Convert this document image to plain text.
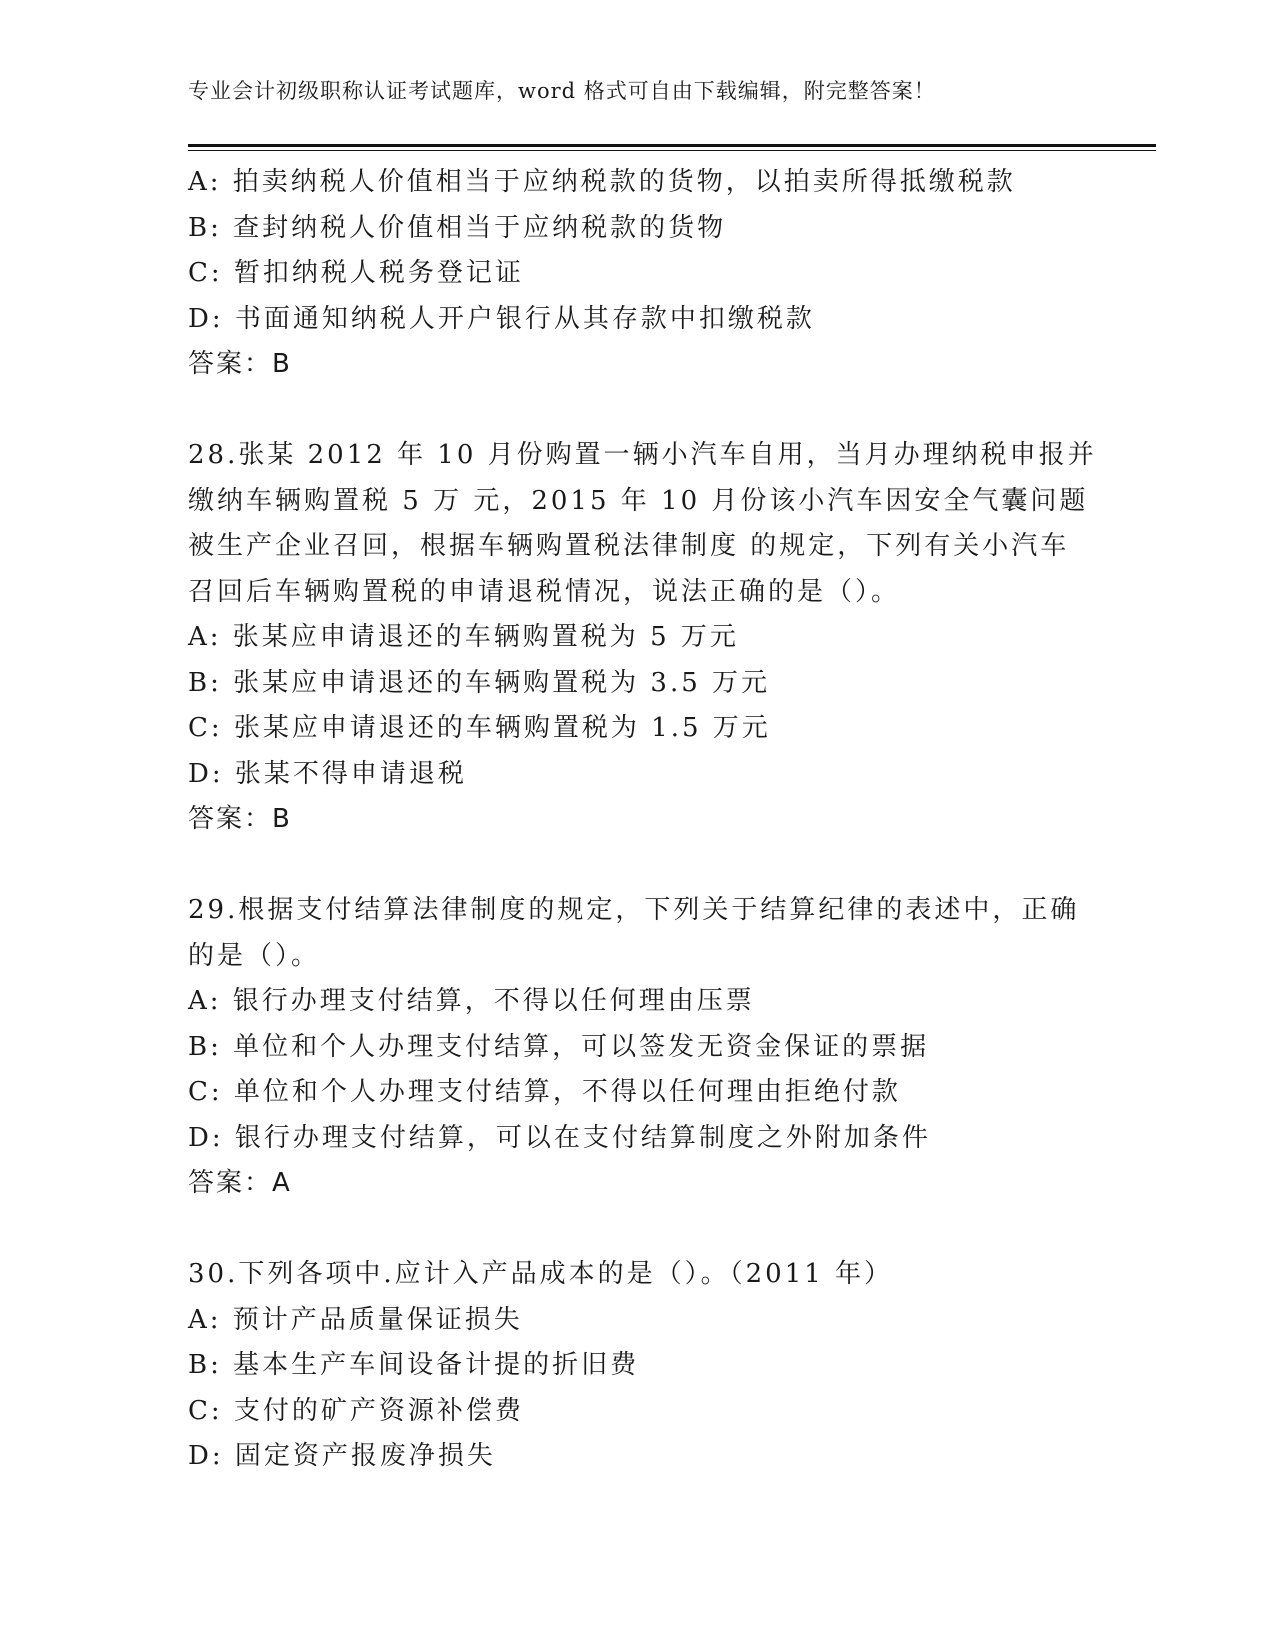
专业会计初级职称认证考试题库，word 格式可自由下载编辑，附完整答案！
A: 拍卖纳税人价值相当于应纳税款的货物，以拍卖所得抵缴税款
B: 查封纳税人价值相当于应纳税款的货物
C: 暂扣纳税人税务登记证
D: 书面通知纳税人开户银行从其存款中扣缴税款
答案：B
28.张某 2012 年 10 月份购置一辆小汽车自用，当月办理纳税申报并
缴纳车辆购置税 5 万 元，2015 年 10 月份该小汽车因安全气囊问题
被生产企业召回，根据车辆购置税法律制度 的规定，下列有关小汽车
召回后车辆购置税的申请退税情况，说法正确的是（）。
A: 张某应申请退还的车辆购置税为 5 万元
B: 张某应申请退还的车辆购置税为 3.5 万元
C: 张某应申请退还的车辆购置税为 1.5 万元
D: 张某不得申请退税
答案：B
29.根据支付结算法律制度的规定，下列关于结算纪律的表述中，正确
的是（）。
A: 银行办理支付结算，不得以任何理由压票
B: 单位和个人办理支付结算，可以签发无资金保证的票据
C: 单位和个人办理支付结算，不得以任何理由拒绝付款
D: 银行办理支付结算，可以在支付结算制度之外附加条件
答案：A
30.下列各项中.应计入产品成本的是（）。（2011 年）
A: 预计产品质量保证损失
B: 基本生产车间设备计提的折旧费
C: 支付的矿产资源补偿费
D: 固定资产报废净损失
